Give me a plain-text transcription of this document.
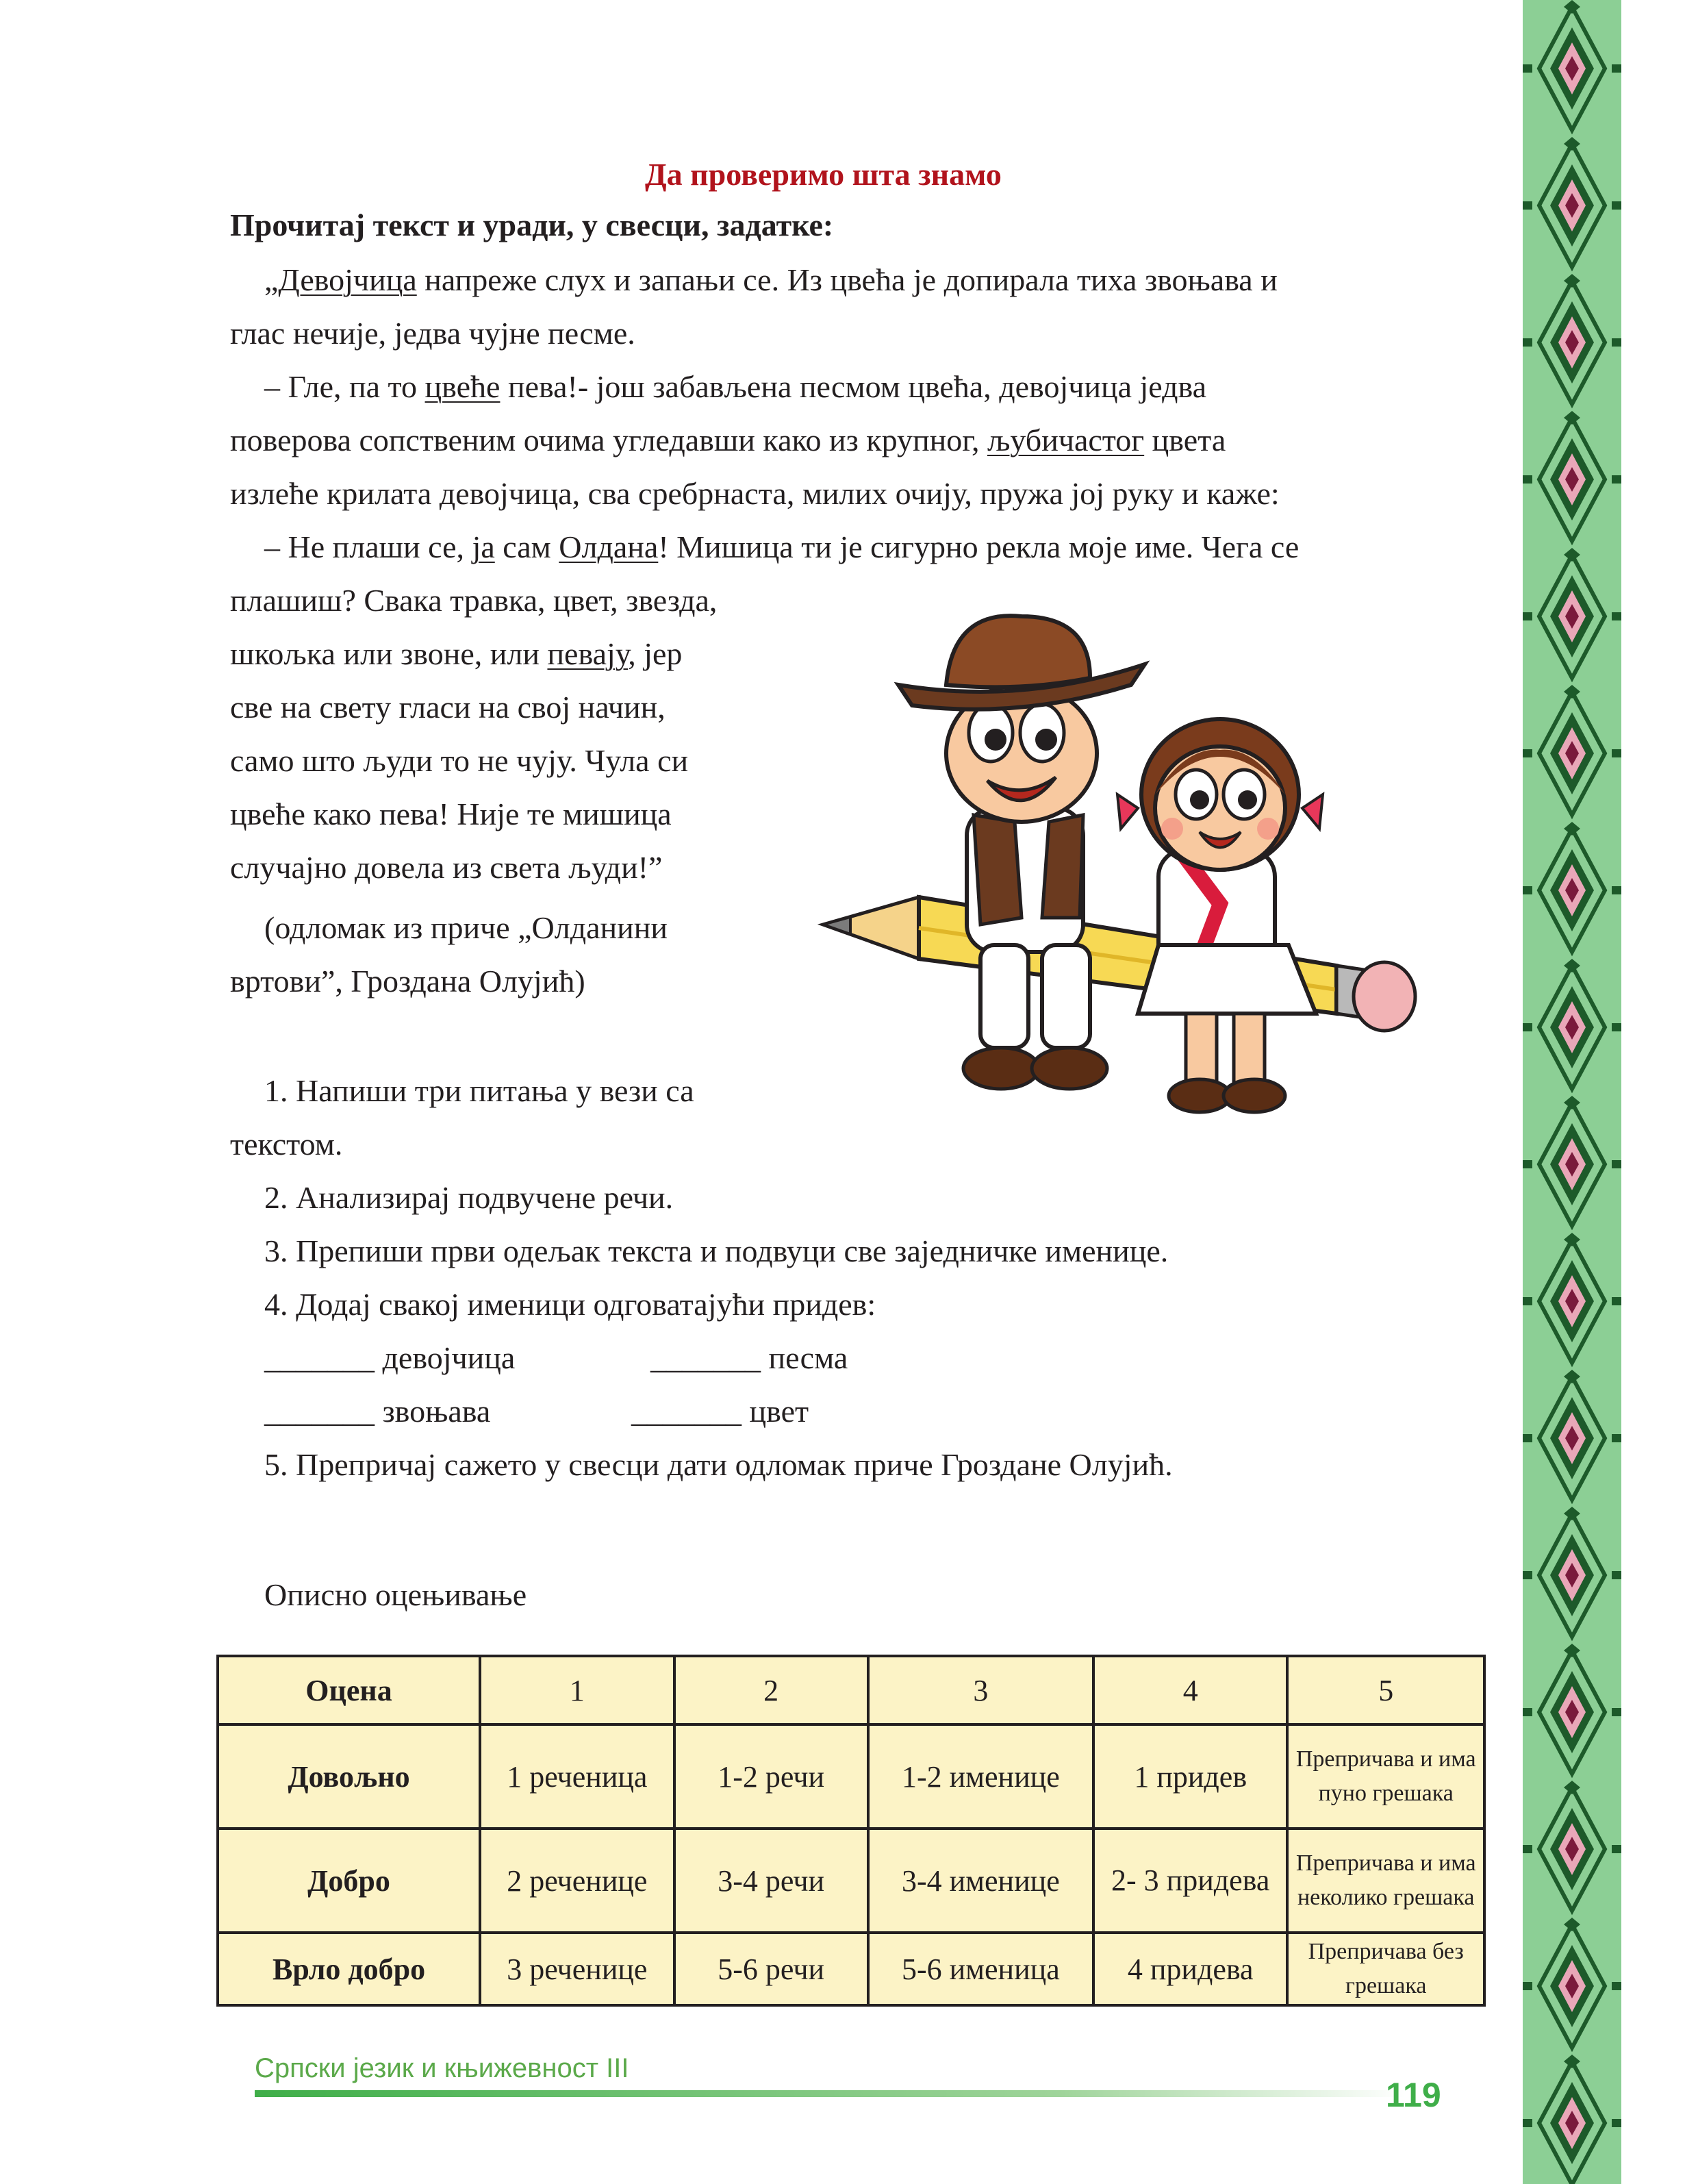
Да проверимо шта знамо
Прочитај текст и уради, у свесци, задатке:
„Девојчица напреже слух и запањи се. Из цвећа је допирала тиха звоњава и
глас нечије, једва чујне песме.
– Гле, па то цвеће пева!- још забављена песмом цвећа, девојчица једва
поверова сопственим очима угледавши како из крупног, љубичастог цвета
излеће крилата девојчица, сва сребрнаста, милих очију, пружа јој руку и каже:
– Не плаши се, ја сам Олдана! Мишица ти је сигурно рекла моје име. Чега се
плашиш? Свака травка, цвет, звезда,
шкољка или звоне, или певају, јер
све на свету гласи на свој начин,
само што људи то не чују. Чула си
цвеће како пева! Није те мишица
случајно довела из света људи!”
(одломак из приче „Олданини
вртови”, Гроздана Олујић)
1. Напиши три питања у вези са
текстом.
2. Анализирај подвучене речи.
3. Препиши први одељак текста и подвуци све заједничке именице.
4. Додај свакој именици одговатајући придев:
_______ девојчица	_______ песма
_______ звоњава	_______ цвет
5. Препричај сажето у свесци дати одломак приче Гроздане Олујић.
Описно оцењивање
Оцена	1	2	3	4	5
Довољно	1 реченица	1-2 речи	1-2 именице	1 придев	Препричава и има пуно грешака
Добро	2 реченице	3-4 речи	3-4 именице	2- 3 придева	Препричава и има неколико грешака
Врло добро	3 реченице	5-6 речи	5-6 именица	4 придева	Препричава без грешака
Српски језик и књижевност III
119
